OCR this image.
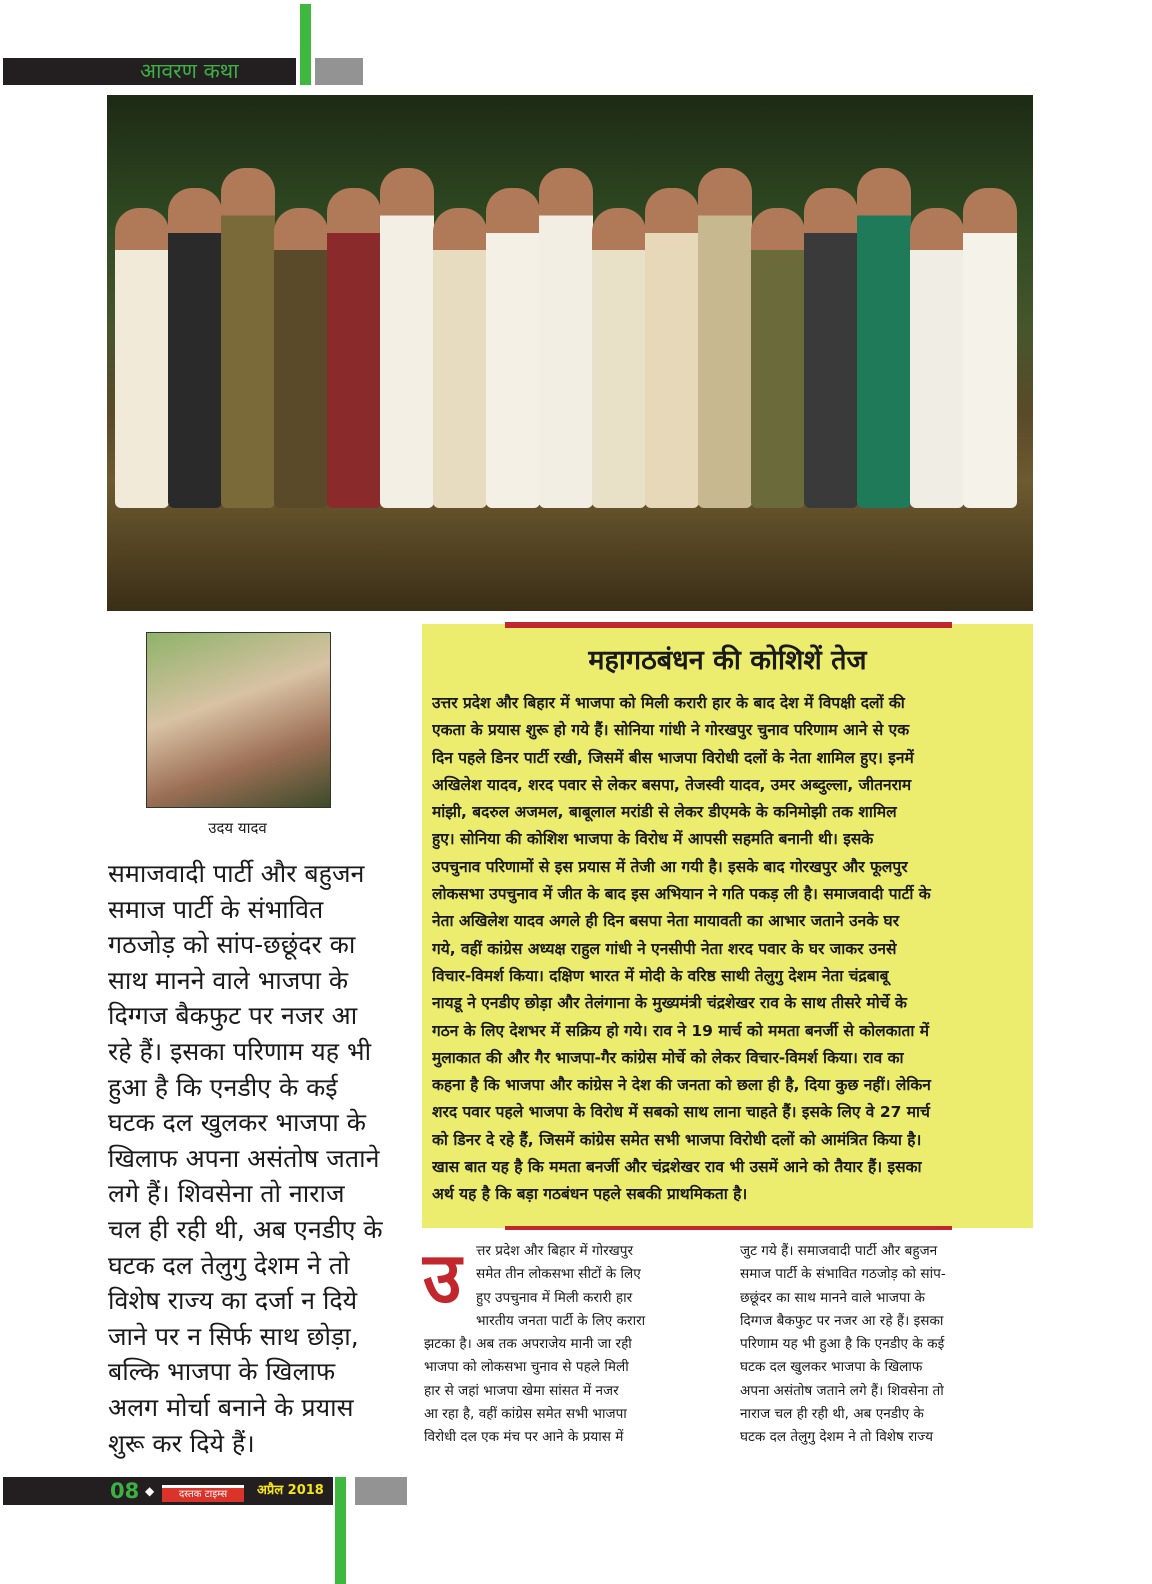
आवरण कथा
उदय यादव
समाजवादी पार्टी और बहुजन
समाज पार्टी के संभावित
गठजोड़ को सांप-छछूंदर का
साथ मानने वाले भाजपा के
दिग्गज बैकफुट पर नजर आ
रहे हैं। इसका परिणाम यह भी
हुआ है कि एनडीए के कई
घटक दल खुलकर भाजपा के
खिलाफ अपना असंतोष जताने
लगे हैं। शिवसेना तो नाराज
चल ही रही थी, अब एनडीए के
घटक दल तेलुगु देशम ने तो
विशेष राज्य का दर्जा न दिये
जाने पर न सिर्फ साथ छोड़ा,
बल्कि भाजपा के खिलाफ
अलग मोर्चा बनाने के प्रयास
शुरू कर दिये हैं।
महागठबंधन की कोशिशें तेज
उत्तर प्रदेश और बिहार में भाजपा को मिली करारी हार के बाद देश में विपक्षी दलों की
एकता के प्रयास शुरू हो गये हैं। सोनिया गांधी ने गोरखपुर चुनाव परिणाम आने से एक
दिन पहले डिनर पार्टी रखी, जिसमें बीस भाजपा विरोधी दलों के नेता शामिल हुए। इनमें
अखिलेश यादव, शरद पवार से लेकर बसपा, तेजस्वी यादव, उमर अब्दुल्ला, जीतनराम
मांझी, बदरुल अजमल, बाबूलाल मरांडी से लेकर डीएमके के कनिमोझी तक शामिल
हुए। सोनिया की कोशिश भाजपा के विरोध में आपसी सहमति बनानी थी। इसके
उपचुनाव परिणामों से इस प्रयास में तेजी आ गयी है। इसके बाद गोरखपुर और फूलपुर
लोकसभा उपचुनाव में जीत के बाद इस अभियान ने गति पकड़ ली है। समाजवादी पार्टी के
नेता अखिलेश यादव अगले ही दिन बसपा नेता मायावती का आभार जताने उनके घर
गये, वहीं कांग्रेस अध्यक्ष राहुल गांधी ने एनसीपी नेता शरद पवार के घर जाकर उनसे
विचार-विमर्श किया। दक्षिण भारत में मोदी के वरिष्ठ साथी तेलुगु देशम नेता चंद्रबाबू
नायडू ने एनडीए छोड़ा और तेलंगाना के मुख्यमंत्री चंद्रशेखर राव के साथ तीसरे मोर्चे के
गठन के लिए देशभर में सक्रिय हो गये। राव ने 19 मार्च को ममता बनर्जी से कोलकाता में
मुलाकात की और गैर भाजपा-गैर कांग्रेस मोर्चे को लेकर विचार-विमर्श किया। राव का
कहना है कि भाजपा और कांग्रेस ने देश की जनता को छला ही है, दिया कुछ नहीं। लेकिन
शरद पवार पहले भाजपा के विरोध में सबको साथ लाना चाहते हैं। इसके लिए वे 27 मार्च
को डिनर दे रहे हैं, जिसमें कांग्रेस समेत सभी भाजपा विरोधी दलों को आमंत्रित किया है।
खास बात यह है कि ममता बनर्जी और चंद्रशेखर राव भी उसमें आने को तैयार हैं। इसका
अर्थ यह है कि बड़ा गठबंधन पहले सबकी प्राथमिकता है।
उ त्तर प्रदेश और बिहार में गोरखपुर
समेत तीन लोकसभा सीटों के लिए
हुए उपचुनाव में मिली करारी हार
भारतीय जनता पार्टी के लिए करारा
झटका है। अब तक अपराजेय मानी जा रही
भाजपा को लोकसभा चुनाव से पहले मिली
हार से जहां भाजपा खेमा सांसत में नजर
आ रहा है, वहीं कांग्रेस समेत सभी भाजपा
विरोधी दल एक मंच पर आने के प्रयास में
जुट गये हैं। समाजवादी पार्टी और बहुजन
समाज पार्टी के संभावित गठजोड़ को सांप-
छछूंदर का साथ मानने वाले भाजपा के
दिग्गज बैकफुट पर नजर आ रहे हैं। इसका
परिणाम यह भी हुआ है कि एनडीए के कई
घटक दल खुलकर भाजपा के खिलाफ
अपना असंतोष जताने लगे हैं। शिवसेना तो
नाराज चल ही रही थी, अब एनडीए के
घटक दल तेलुगु देशम ने तो विशेष राज्य
08 ◆	दस्तक टाइम्स	अप्रैल 2018
